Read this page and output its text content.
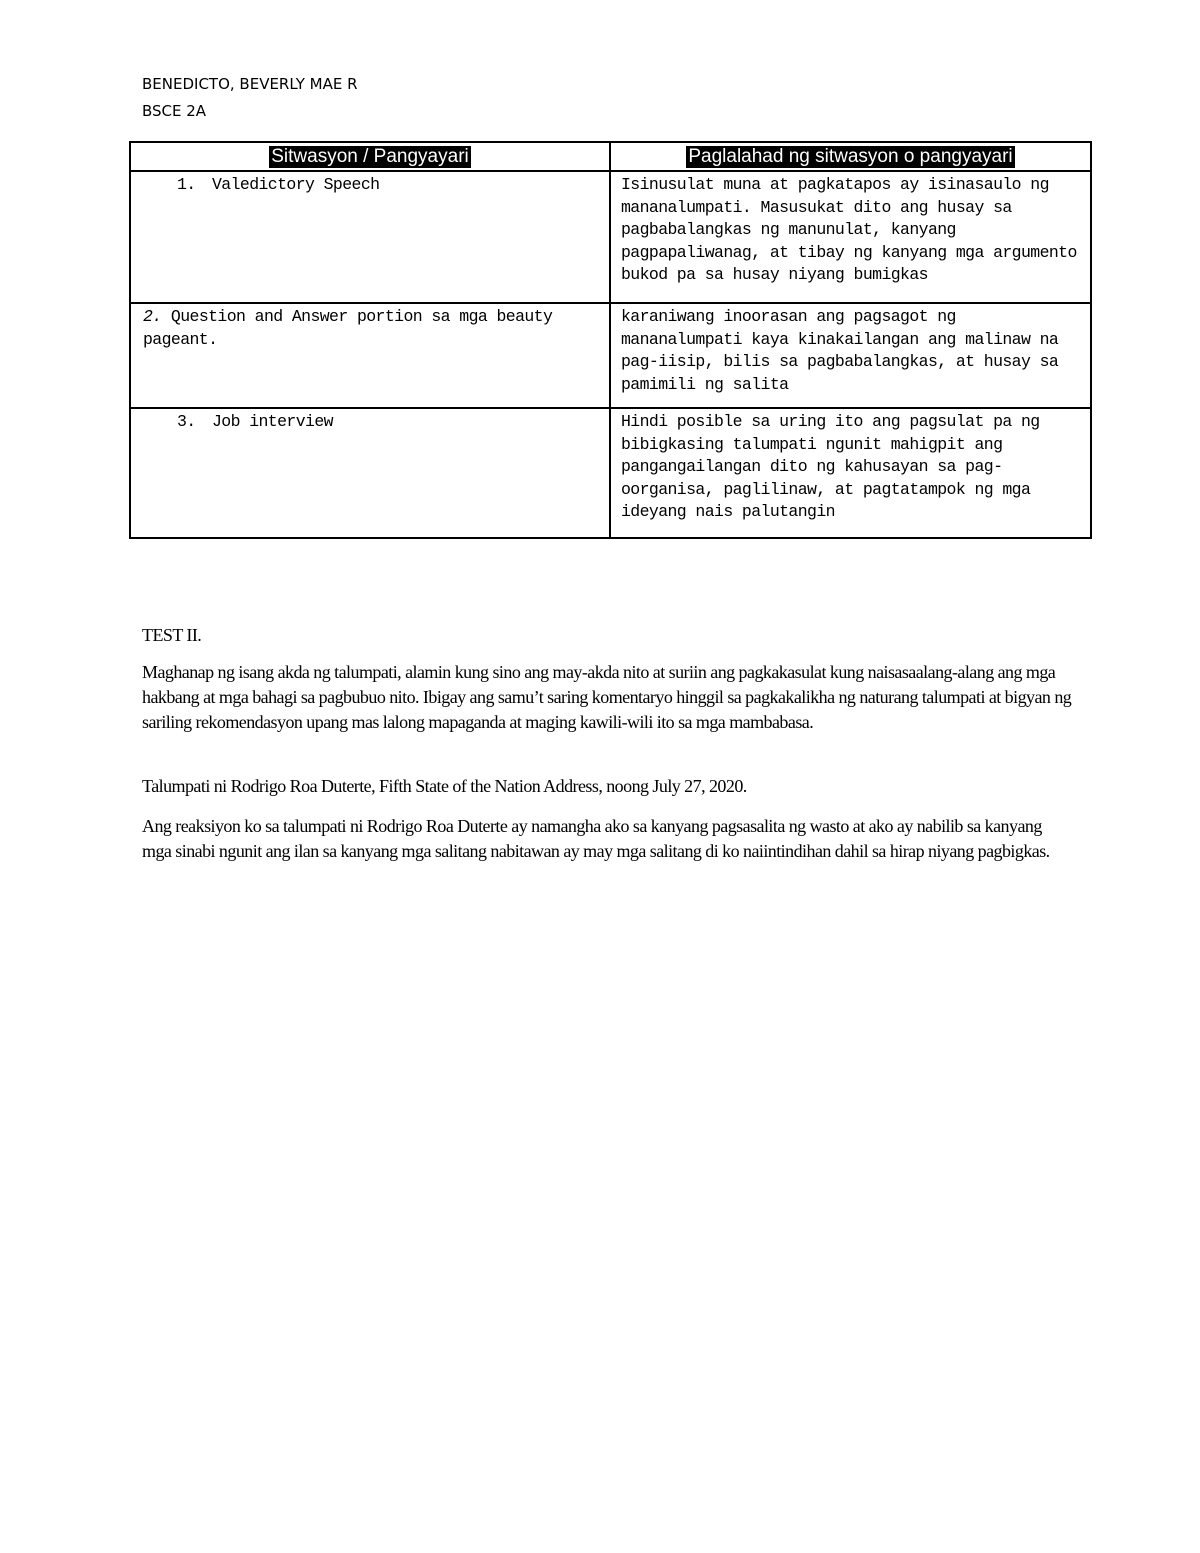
BENEDICTO, BEVERLY MAE R
BSCE 2A
Sitwasyon / Pangyayari	Paglalahad ng sitwasyon o pangyayari

1. Valedictory Speech	Isinusulat muna at pagkatapos ay isinasaulo ng mananalumpati. Masusukat dito ang husay sa pagbabalangkas ng manunulat, kanyang pagpapaliwanag, at tibay ng kanyang mga argumento bukod pa sa husay niyang bumigkas

2. Question and Answer portion sa mga beauty pageant.	karaniwang inoorasan ang pagsagot ng mananalumpati kaya kinakailangan ang malinaw na pag-iisip, bilis sa pagbabalangkas, at husay sa pamimili ng salita

3. Job interview	Hindi posible sa uring ito ang pagsulat pa ng bibigkasing talumpati ngunit mahigpit ang pangangailangan dito ng kahusayan sa pag-oorganisa, paglilinaw, at pagtatampok ng mga ideyang nais palutangin
TEST II.
Maghanap ng isang akda ng talumpati, alamin kung sino ang may-akda nito at suriin ang pagkakasulat kung naisasaalang-alang ang mga hakbang at mga bahagi sa pagbubuo nito. Ibigay ang samu’t saring komentaryo hinggil sa pagkakalikha ng naturang talumpati at bigyan ng sariling rekomendasyon upang mas lalong mapaganda at maging kawili-wili ito sa mga mambabasa.
Talumpati ni Rodrigo Roa Duterte, Fifth State of the Nation Address, noong July 27, 2020.
Ang reaksiyon ko sa talumpati ni Rodrigo Roa Duterte ay namangha ako sa kanyang pagsasalita ng wasto at ako ay nabilib sa kanyang mga sinabi ngunit ang ilan sa kanyang mga salitang nabitawan ay may mga salitang di ko naiintindihan dahil sa hirap niyang pagbigkas.
